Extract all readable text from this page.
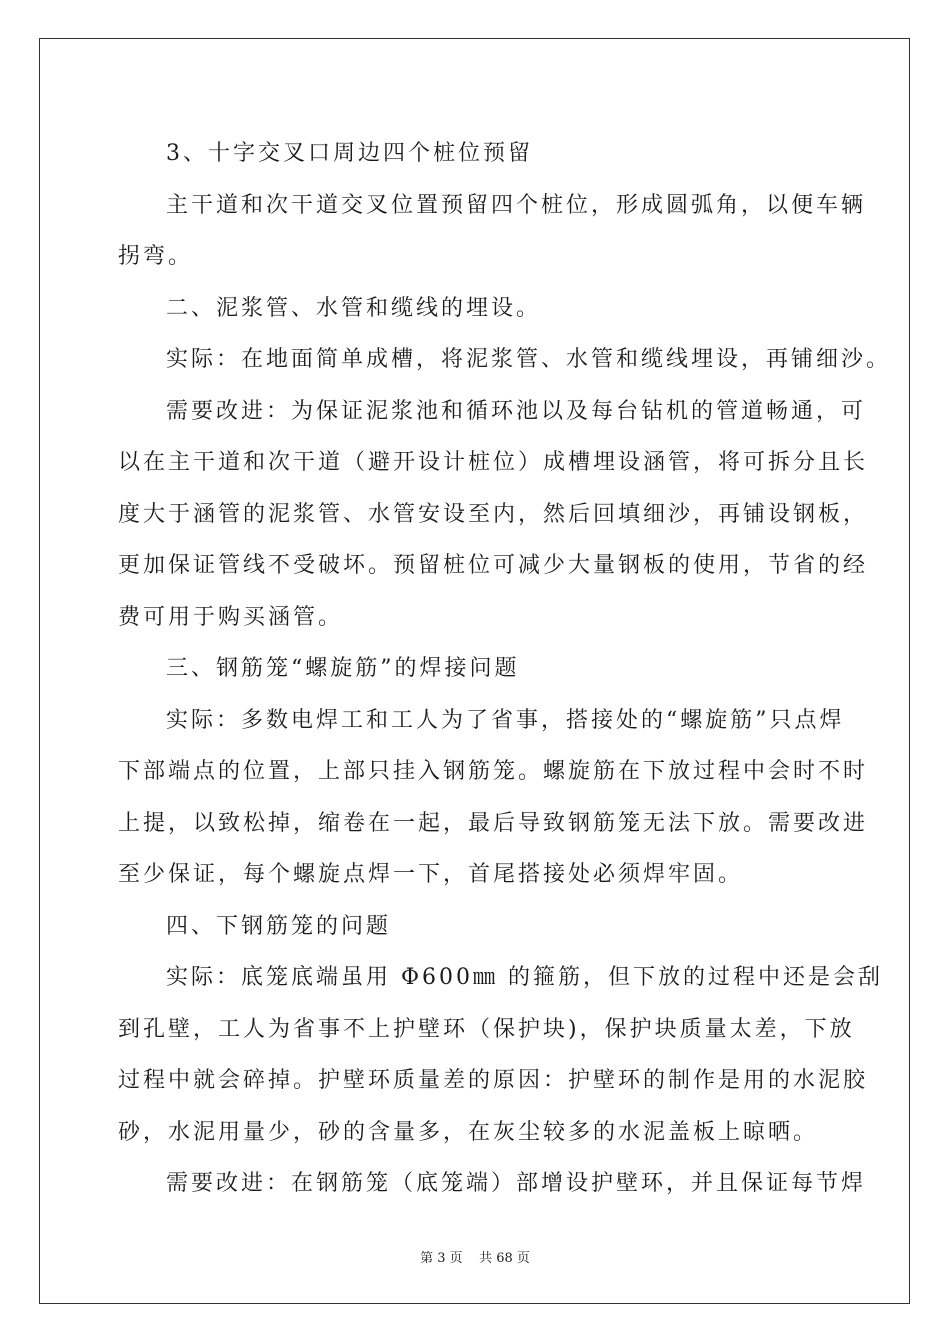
3、十字交叉口周边四个桩位预留
主干道和次干道交叉位置预留四个桩位，形成圆弧角，以便车辆
拐弯。
二、泥浆管、水管和缆线的埋设。
实际：在地面简单成槽，将泥浆管、水管和缆线埋设，再铺细沙。
需要改进：为保证泥浆池和循环池以及每台钻机的管道畅通，可
以在主干道和次干道（避开设计桩位）成槽埋设涵管，将可拆分且长
度大于涵管的泥浆管、水管安设至内，然后回填细沙，再铺设钢板，
更加保证管线不受破坏。预留桩位可减少大量钢板的使用，节省的经
费可用于购买涵管。
三、钢筋笼“螺旋筋”的焊接问题
实际：多数电焊工和工人为了省事，搭接处的“螺旋筋”只点焊
下部端点的位置，上部只挂入钢筋笼。螺旋筋在下放过程中会时不时
上提，以致松掉，缩卷在一起，最后导致钢筋笼无法下放。需要改进
至少保证，每个螺旋点焊一下，首尾搭接处必须焊牢固。
四、下钢筋笼的问题
实际：底笼底端虽用 Φ600㎜ 的箍筋，但下放的过程中还是会刮
到孔壁，工人为省事不上护壁环（保护块)，保护块质量太差，下放
过程中就会碎掉。护壁环质量差的原因：护壁环的制作是用的水泥胶
砂，水泥用量少，砂的含量多，在灰尘较多的水泥盖板上晾晒。
需要改进：在钢筋笼（底笼端）部增设护壁环，并且保证每节焊
第 3 页    共 68 页
